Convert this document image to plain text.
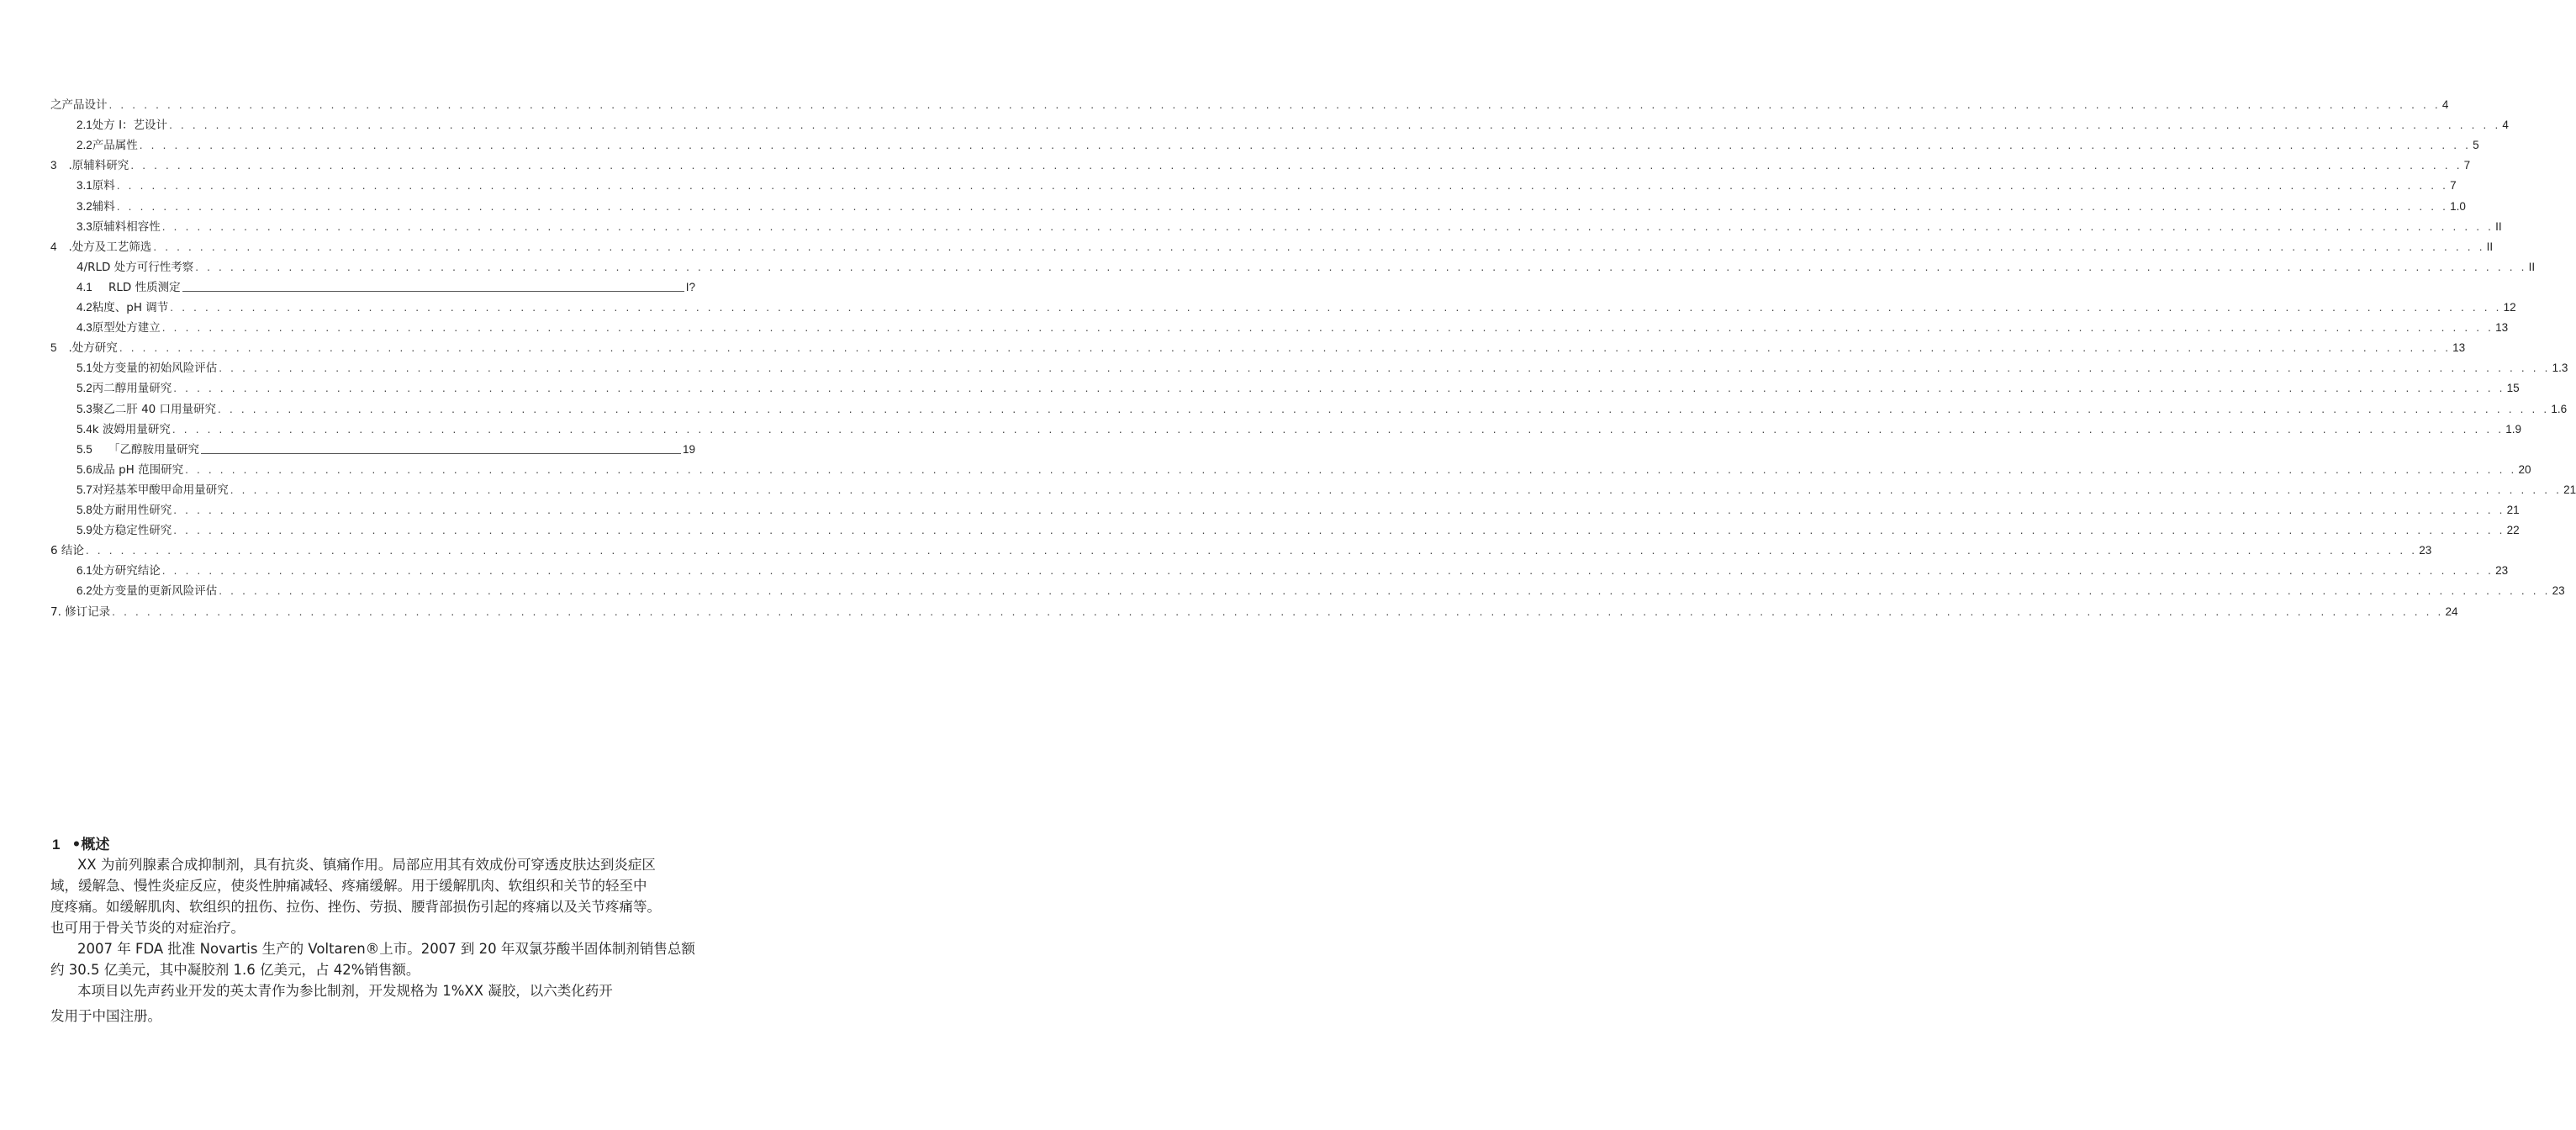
之产品设计 . . . . . . . . . . . . . . . . . . . . . . . . . . . . . . . . . . . . . . . . . . . . . . . . . . . . . . . . . . . . . . . . . . . . . . . . . . . . . . . . . . . . . . . . . . . . . . . . . . . . . . . . . . . . . . . . . . . . . . . . . . . . . . . . . . . . . . . . . . . . . . . . . . . . . . . . . . . . . . . . . . . . . . . . . . . . . . . . . . . . . . . . . . . . . . . . . . . . . . . . 4
2.1 处方 I：艺设计 . . . . . . . . . . . . . . . . . . . . . . . . . . . . . . . . . . . . . . . . . . . . . . . . . . . . . . . . . . . . . . . . . . . . . . . . . . . . . . . . . . . . . . . . . . . . . . . . . . . . . . . . . . . . . . . . . . . . . . . . . . . . . . . . . . . . . . . . . . . . . . . . . . . . . . . . . . . . . . . . . . . . . . . . . . . . . . . . . . . . . . . . . . . . . . . . . . . . . . . . 4
2.2 产品属性 . . . . . . . . . . . . . . . . . . . . . . . . . . . . . . . . . . . . . . . . . . . . . . . . . . . . . . . . . . . . . . . . . . . . . . . . . . . . . . . . . . . . . . . . . . . . . . . . . . . . . . . . . . . . . . . . . . . . . . . . . . . . . . . . . . . . . . . . . . . . . . . . . . . . . . . . . . . . . . . . . . . . . . . . . . . . . . . . . . . . . . . . . . . . . . . . . . . . . . . . 5
3 .原辅料研究 . . . . . . . . . . . . . . . . . . . . . . . . . . . . . . . . . . . . . . . . . . . . . . . . . . . . . . . . . . . . . . . . . . . . . . . . . . . . . . . . . . . . . . . . . . . . . . . . . . . . . . . . . . . . . . . . . . . . . . . . . . . . . . . . . . . . . . . . . . . . . . . . . . . . . . . . . . . . . . . . . . . . . . . . . . . . . . . . . . . . . . . . . . . . . . . . . . . . . . . . 7
3.1 原料 . . . . . . . . . . . . . . . . . . . . . . . . . . . . . . . . . . . . . . . . . . . . . . . . . . . . . . . . . . . . . . . . . . . . . . . . . . . . . . . . . . . . . . . . . . . . . . . . . . . . . . . . . . . . . . . . . . . . . . . . . . . . . . . . . . . . . . . . . . . . . . . . . . . . . . . . . . . . . . . . . . . . . . . . . . . . . . . . . . . . . . . . . . . . . . . . . . . . . . . . 7
3.2 辅料 . . . . . . . . . . . . . . . . . . . . . . . . . . . . . . . . . . . . . . . . . . . . . . . . . . . . . . . . . . . . . . . . . . . . . . . . . . . . . . . . . . . . . . . . . . . . . . . . . . . . . . . . . . . . . . . . . . . . . . . . . . . . . . . . . . . . . . . . . . . . . . . . . . . . . . . . . . . . . . . . . . . . . . . . . . . . . . . . . . . . . . . . . . . . . . . . . . . . . . . . 1.0
3.3 原辅料相容性 . . . . . . . . . . . . . . . . . . . . . . . . . . . . . . . . . . . . . . . . . . . . . . . . . . . . . . . . . . . . . . . . . . . . . . . . . . . . . . . . . . . . . . . . . . . . . . . . . . . . . . . . . . . . . . . . . . . . . . . . . . . . . . . . . . . . . . . . . . . . . . . . . . . . . . . . . . . . . . . . . . . . . . . . . . . . . . . . . . . . . . . . . . . . . . . . . . . . . . . . II
4 .处方及工艺筛选 . . . . . . . . . . . . . . . . . . . . . . . . . . . . . . . . . . . . . . . . . . . . . . . . . . . . . . . . . . . . . . . . . . . . . . . . . . . . . . . . . . . . . . . . . . . . . . . . . . . . . . . . . . . . . . . . . . . . . . . . . . . . . . . . . . . . . . . . . . . . . . . . . . . . . . . . . . . . . . . . . . . . . . . . . . . . . . . . . . . . . . . . . . . . . . . . . . . . . . . . II
4/RLD 处方可行性考察 . . . . . . . . . . . . . . . . . . . . . . . . . . . . . . . . . . . . . . . . . . . . . . . . . . . . . . . . . . . . . . . . . . . . . . . . . . . . . . . . . . . . . . . . . . . . . . . . . . . . . . . . . . . . . . . . . . . . . . . . . . . . . . . . . . . . . . . . . . . . . . . . . . . . . . . . . . . . . . . . . . . . . . . . . . . . . . . . . . . . . . . . . . . . . . . . . . . . . . . . II
4.1	RLD 性质测定	I?
4.2 粘度、pH 调节 . . . . . . . . . . . . . . . . . . . . . . . . . . . . . . . . . . . . . . . . . . . . . . . . . . . . . . . . . . . . . . . . . . . . . . . . . . . . . . . . . . . . . . . . . . . . . . . . . . . . . . . . . . . . . . . . . . . . . . . . . . . . . . . . . . . . . . . . . . . . . . . . . . . . . . . . . . . . . . . . . . . . . . . . . . . . . . . . . . . . . . . . . . . . . . . . . . . . . . . . 12
4.3 原型处方建立 . . . . . . . . . . . . . . . . . . . . . . . . . . . . . . . . . . . . . . . . . . . . . . . . . . . . . . . . . . . . . . . . . . . . . . . . . . . . . . . . . . . . . . . . . . . . . . . . . . . . . . . . . . . . . . . . . . . . . . . . . . . . . . . . . . . . . . . . . . . . . . . . . . . . . . . . . . . . . . . . . . . . . . . . . . . . . . . . . . . . . . . . . . . . . . . . . . . . . . . . 13
5 .处方研究 . . . . . . . . . . . . . . . . . . . . . . . . . . . . . . . . . . . . . . . . . . . . . . . . . . . . . . . . . . . . . . . . . . . . . . . . . . . . . . . . . . . . . . . . . . . . . . . . . . . . . . . . . . . . . . . . . . . . . . . . . . . . . . . . . . . . . . . . . . . . . . . . . . . . . . . . . . . . . . . . . . . . . . . . . . . . . . . . . . . . . . . . . . . . . . . . . . . . . . . . 13
5.1 处方变量的初始风险评估 . . . . . . . . . . . . . . . . . . . . . . . . . . . . . . . . . . . . . . . . . . . . . . . . . . . . . . . . . . . . . . . . . . . . . . . . . . . . . . . . . . . . . . . . . . . . . . . . . . . . . . . . . . . . . . . . . . . . . . . . . . . . . . . . . . . . . . . . . . . . . . . . . . . . . . . . . . . . . . . . . . . . . . . . . . . . . . . . . . . . . . . . . . . . . . . . . . . . . . . . 1.3
5.2 丙二醇用量研究 . . . . . . . . . . . . . . . . . . . . . . . . . . . . . . . . . . . . . . . . . . . . . . . . . . . . . . . . . . . . . . . . . . . . . . . . . . . . . . . . . . . . . . . . . . . . . . . . . . . . . . . . . . . . . . . . . . . . . . . . . . . . . . . . . . . . . . . . . . . . . . . . . . . . . . . . . . . . . . . . . . . . . . . . . . . . . . . . . . . . . . . . . . . . . . . . . . . . . . . . 15
5.3 聚乙二肝 40 口用量研究 . . . . . . . . . . . . . . . . . . . . . . . . . . . . . . . . . . . . . . . . . . . . . . . . . . . . . . . . . . . . . . . . . . . . . . . . . . . . . . . . . . . . . . . . . . . . . . . . . . . . . . . . . . . . . . . . . . . . . . . . . . . . . . . . . . . . . . . . . . . . . . . . . . . . . . . . . . . . . . . . . . . . . . . . . . . . . . . . . . . . . . . . . . . . . . . . . . . . . . . . 1.6
5.4 k 波姆用量研究 . . . . . . . . . . . . . . . . . . . . . . . . . . . . . . . . . . . . . . . . . . . . . . . . . . . . . . . . . . . . . . . . . . . . . . . . . . . . . . . . . . . . . . . . . . . . . . . . . . . . . . . . . . . . . . . . . . . . . . . . . . . . . . . . . . . . . . . . . . . . . . . . . . . . . . . . . . . . . . . . . . . . . . . . . . . . . . . . . . . . . . . . . . . . . . . . . . . . . . . . 1.9
5.5	「乙醇胺用量研究	19
5.6 成品 pH 范围研究 . . . . . . . . . . . . . . . . . . . . . . . . . . . . . . . . . . . . . . . . . . . . . . . . . . . . . . . . . . . . . . . . . . . . . . . . . . . . . . . . . . . . . . . . . . . . . . . . . . . . . . . . . . . . . . . . . . . . . . . . . . . . . . . . . . . . . . . . . . . . . . . . . . . . . . . . . . . . . . . . . . . . . . . . . . . . . . . . . . . . . . . . . . . . . . . . . . . . . . . . 20
5.7 对羟基苯甲酸甲命用量研究 . . . . . . . . . . . . . . . . . . . . . . . . . . . . . . . . . . . . . . . . . . . . . . . . . . . . . . . . . . . . . . . . . . . . . . . . . . . . . . . . . . . . . . . . . . . . . . . . . . . . . . . . . . . . . . . . . . . . . . . . . . . . . . . . . . . . . . . . . . . . . . . . . . . . . . . . . . . . . . . . . . . . . . . . . . . . . . . . . . . . . . . . . . . . . . . . . . . . . . . . 21
5.8 处方耐用性研究 . . . . . . . . . . . . . . . . . . . . . . . . . . . . . . . . . . . . . . . . . . . . . . . . . . . . . . . . . . . . . . . . . . . . . . . . . . . . . . . . . . . . . . . . . . . . . . . . . . . . . . . . . . . . . . . . . . . . . . . . . . . . . . . . . . . . . . . . . . . . . . . . . . . . . . . . . . . . . . . . . . . . . . . . . . . . . . . . . . . . . . . . . . . . . . . . . . . . . . . . 21
5.9 处方稳定性研究 . . . . . . . . . . . . . . . . . . . . . . . . . . . . . . . . . . . . . . . . . . . . . . . . . . . . . . . . . . . . . . . . . . . . . . . . . . . . . . . . . . . . . . . . . . . . . . . . . . . . . . . . . . . . . . . . . . . . . . . . . . . . . . . . . . . . . . . . . . . . . . . . . . . . . . . . . . . . . . . . . . . . . . . . . . . . . . . . . . . . . . . . . . . . . . . . . . . . . . . . 22
6 结论 . . . . . . . . . . . . . . . . . . . . . . . . . . . . . . . . . . . . . . . . . . . . . . . . . . . . . . . . . . . . . . . . . . . . . . . . . . . . . . . . . . . . . . . . . . . . . . . . . . . . . . . . . . . . . . . . . . . . . . . . . . . . . . . . . . . . . . . . . . . . . . . . . . . . . . . . . . . . . . . . . . . . . . . . . . . . . . . . . . . . . . . . . . . . . . . . . . . . . . . . 23
6.1 处方研究结论 . . . . . . . . . . . . . . . . . . . . . . . . . . . . . . . . . . . . . . . . . . . . . . . . . . . . . . . . . . . . . . . . . . . . . . . . . . . . . . . . . . . . . . . . . . . . . . . . . . . . . . . . . . . . . . . . . . . . . . . . . . . . . . . . . . . . . . . . . . . . . . . . . . . . . . . . . . . . . . . . . . . . . . . . . . . . . . . . . . . . . . . . . . . . . . . . . . . . . . . . 23
6.2 处方变量的更新风险评估 . . . . . . . . . . . . . . . . . . . . . . . . . . . . . . . . . . . . . . . . . . . . . . . . . . . . . . . . . . . . . . . . . . . . . . . . . . . . . . . . . . . . . . . . . . . . . . . . . . . . . . . . . . . . . . . . . . . . . . . . . . . . . . . . . . . . . . . . . . . . . . . . . . . . . . . . . . . . . . . . . . . . . . . . . . . . . . . . . . . . . . . . . . . . . . . . . . . . . . . . 23
7. 修订记录 . . . . . . . . . . . . . . . . . . . . . . . . . . . . . . . . . . . . . . . . . . . . . . . . . . . . . . . . . . . . . . . . . . . . . . . . . . . . . . . . . . . . . . . . . . . . . . . . . . . . . . . . . . . . . . . . . . . . . . . . . . . . . . . . . . . . . . . . . . . . . . . . . . . . . . . . . . . . . . . . . . . . . . . . . . . . . . . . . . . . . . . . . . . . . . . . . . . . . . . . 24
1 •概述
XX 为前列腺素合成抑制剂，具有抗炎、镇痛作用。局部应用其有效成份可穿透皮肤达到炎症区
域，缓解急、慢性炎症反应，使炎性肿痛减轻、疼痛缓解。用于缓解肌肉、软组织和关节的轻至中
度疼痛。如缓解肌肉、软组织的扭伤、拉伤、挫伤、劳损、腰背部损伤引起的疼痛以及关节疼痛等。
也可用于骨关节炎的对症治疗。
2007 年 FDA 批准 Novartis 生产的 Voltaren®上市。2007 到 20 年双氯芬酸半固体制剂销售总额
约 30.5 亿美元，其中凝胶剂 1.6 亿美元，占 42%销售额。
本项目以先声药业开发的英太青作为参比制剂，开发规格为 1%XX 凝胶，以六类化药开
发用于中国注册。
